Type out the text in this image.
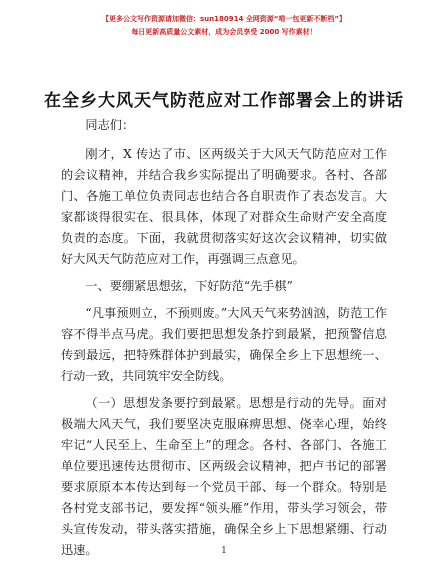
【更多公文写作资源请加微信：sun180914 全网资源“啃一包更新不断档”】
每日更新高质量公文素材，成为会员享受 2000 写作素材！
在全乡大风天气防范应对工作部署会上的讲话

同志们：

刚才，X 传达了市、区两级关于大风天气防范应对工作的会议精神，并结合我乡实际提出了明确要求。各村、各部门、各施工单位负责同志也结合各自职责作了表态发言。大家都谈得很实在、很具体，体现了对群众生命财产安全高度负责的态度。下面，我就贯彻落实好这次会议精神，切实做好大风天气防范应对工作，再强调三点意见。

一、要绷紧思想弦，下好防范“先手棋”

“凡事预则立，不预则废。”大风天气来势汹汹，防范工作容不得半点马虎。我们要把思想发条拧到最紧，把预警信息传到最远，把特殊群体护到最实，确保全乡上下思想统一、行动一致，共同筑牢安全防线。

（一）思想发条要拧到最紧。思想是行动的先导。面对极端大风天气，我们要坚决克服麻痹思想、侥幸心理，始终牢记“人民至上、生命至上”的理念。各村、各部门、各施工单位要迅速传达贯彻市、区两级会议精神，把卢书记的部署要求原原本本传达到每一个党员干部、每一个群众。特别是各村党支部书记，要发挥“领头雁”作用，带头学习领会，带头宣传发动，带头落实措施，确保全乡上下思想紧绷、行动迅速。	1
